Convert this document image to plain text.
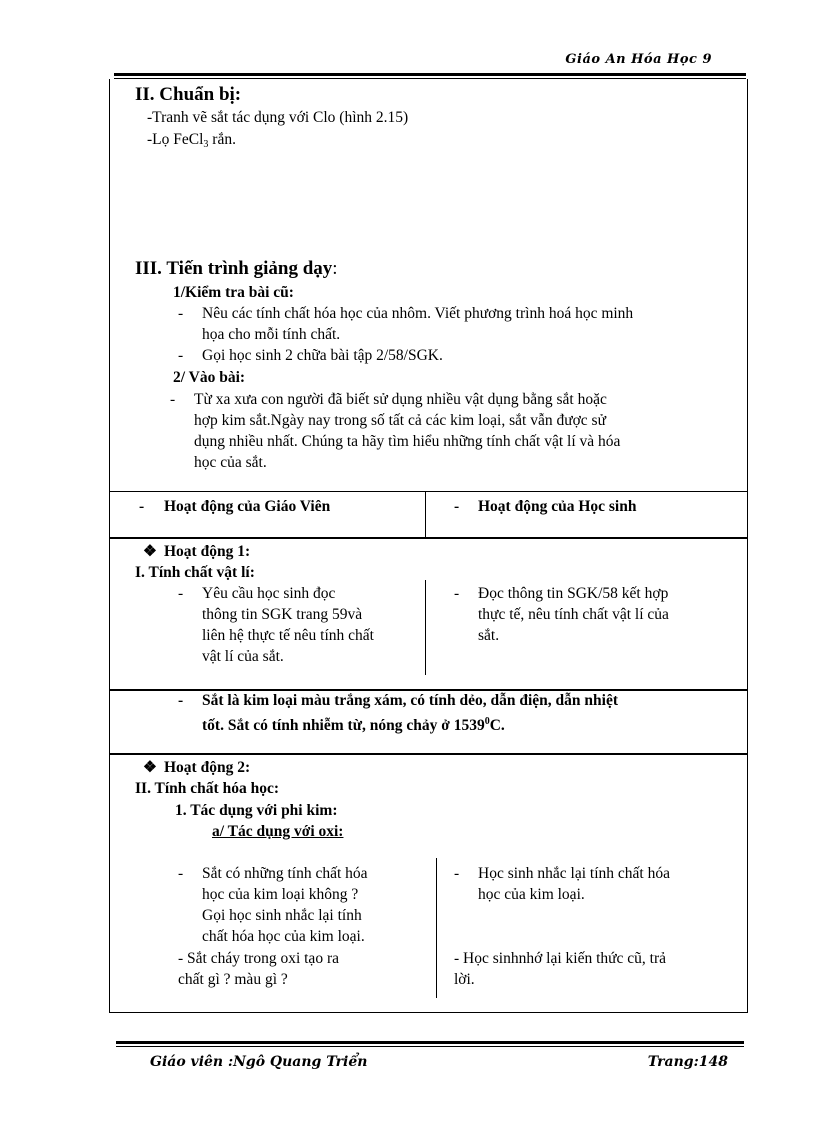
Giáo An Hóa Học 9
II. Chuẩn bị:
-Tranh vẽ sắt tác dụng với Clo (hình 2.15)
-Lọ FeCl$_3$ rắn.
III. Tiến trình giảng dạy:
1/Kiểm tra bài cũ:
- Nêu các tính chất hóa học của nhôm. Viết phương trình hoá học minh
họa cho mỗi tính chất.
- Gọi học sinh 2 chữa bài tập 2/58/SGK.
2/ Vào bài:
- Từ xa xưa con người đã biết sử dụng nhiều vật dụng bằng sắt hoặc
hợp kim sắt.Ngày nay trong số tất cả các kim loại, sắt vẫn được sử
dụng nhiều nhất. Chúng ta hãy tìm hiểu những tính chất vật lí và hóa
học của sắt.
- Hoạt động của Giáo Viên	- Hoạt động của Học sinh
❖ Hoạt động 1:
I. Tính chất vật lí:
- Yêu cầu học sinh đọc
thông tin SGK trang 59và
liên hệ thực tế nêu tính chất
vật lí của sắt.
- Đọc thông tin SGK/58 kết hợp
thực tế, nêu tính chất vật lí của
sắt.
- Sắt là kim loại màu trắng xám, có tính dẻo, dẫn điện, dẫn nhiệt
tốt. Sắt có tính nhiễm từ, nóng chảy ở 1539$^0$C.
❖ Hoạt động 2:
II. Tính chất hóa học:
1. Tác dụng với phi kim:
a/ Tác dụng với oxi:
- Sắt có những tính chất hóa
học của kim loại không ?
Gọi học sinh nhắc lại tính
chất hóa học của kim loại.
- Sắt cháy trong oxi tạo ra
chất gì ? màu gì ?
- Học sinh nhắc lại tính chất hóa
học của kim loại.
- Học sinhnhớ lại kiến thức cũ, trả
lời.
Giáo viên :Ngô Quang Triển	Trang:148
